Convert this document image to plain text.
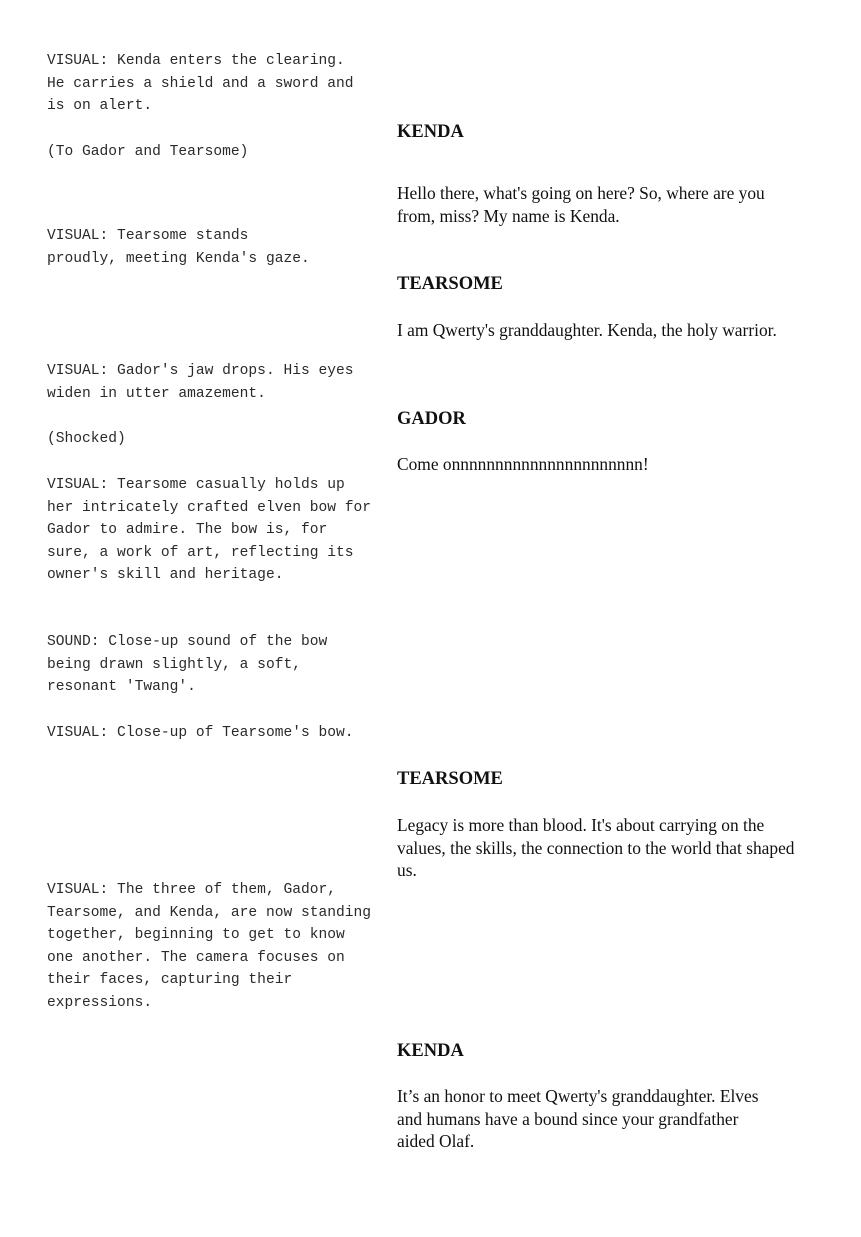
VISUAL: Kenda enters the clearing. He carries a shield and a sword and is on alert.

(To Gador and Tearsome)

VISUAL: Tearsome stands proudly, meeting Kenda's gaze.

VISUAL: Gador's jaw drops. His eyes widen in utter amazement.

(Shocked)

VISUAL: Tearsome casually holds up her intricately crafted elven bow for Gador to admire. The bow is, for sure, a work of art, reflecting its owner's skill and heritage.

SOUND: Close-up sound of the bow being drawn slightly, a soft, resonant 'Twang'.

VISUAL: Close-up of Tearsome's bow.

VISUAL: The three of them, Gador, Tearsome, and Kenda, are now standing together, beginning to get to know one another. The camera focuses on their faces, capturing their expressions.

KENDA

Hello there, what's going on here? So, where are you from, miss? My name is Kenda.

TEARSOME

I am Qwerty's granddaughter. Kenda, the holy warrior.

GADOR

Come onnnnnnnnnnnnnnnnnnnnnn!

TEARSOME

Legacy is more than blood. It's about carrying on the values, the skills, the connection to the world that shaped us.

KENDA

It’s an honor to meet Qwerty's granddaughter. Elves and humans have a bound since your grandfather aided Olaf.
